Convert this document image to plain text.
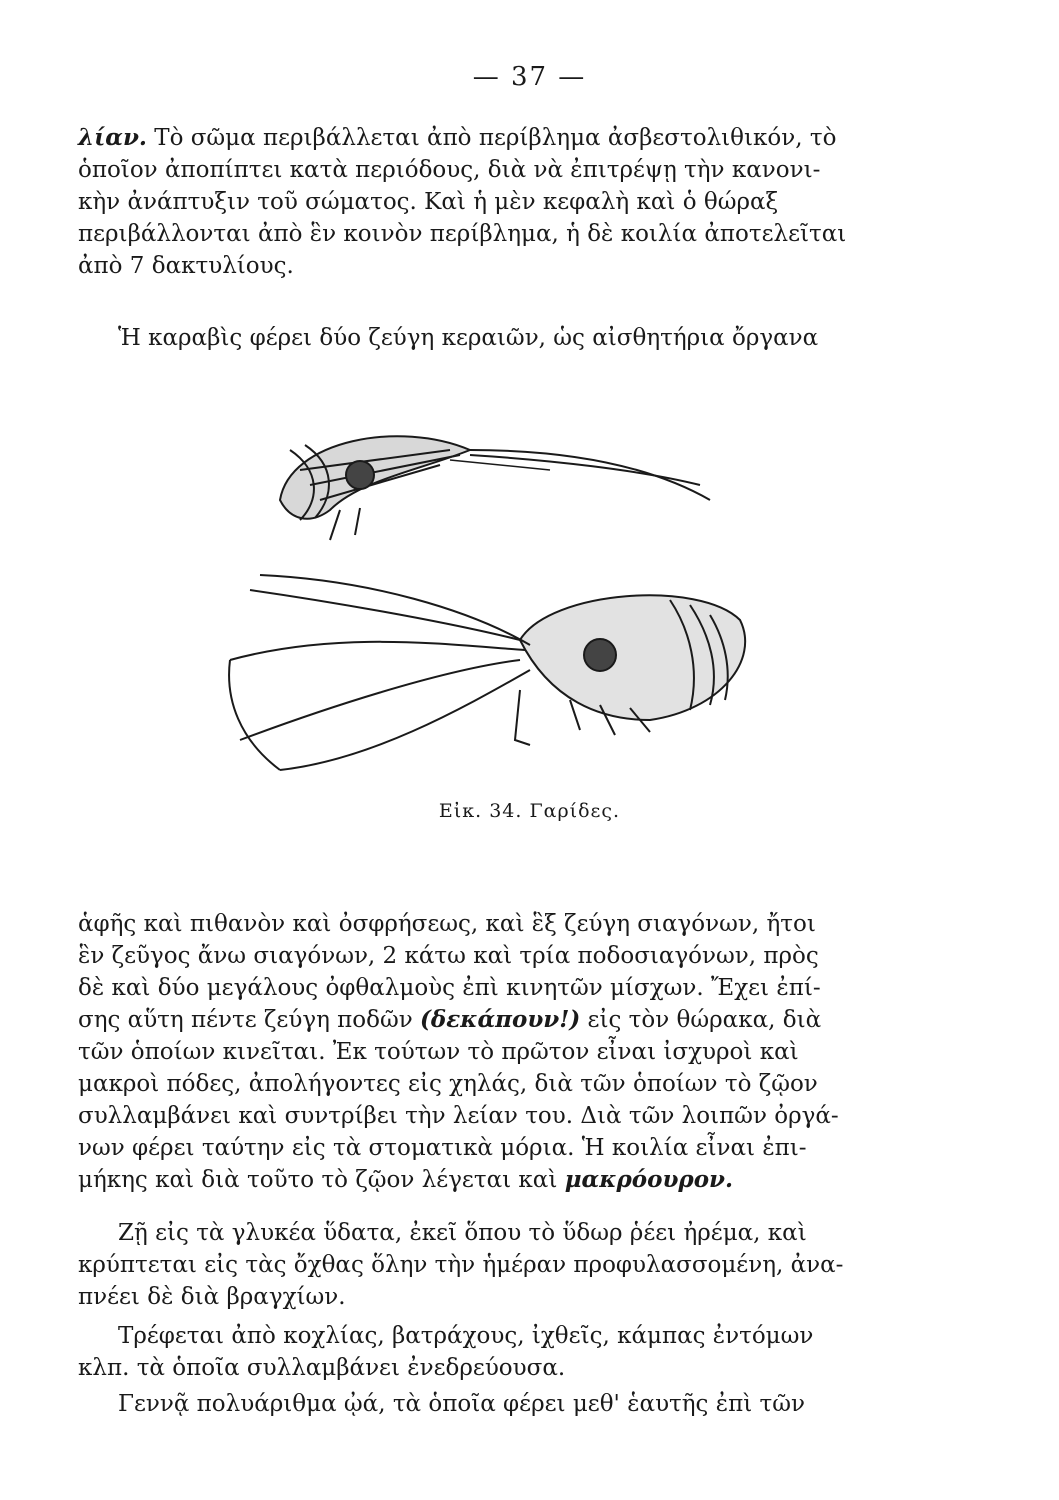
— 37 —
λίαν. Τὸ σῶμα περιβάλλεται ἀπὸ περίβλημα ἀσβεστολιθικόν, τὸ
ὁποῖον ἀποπίπτει κατὰ περιόδους, διὰ νὰ ἐπιτρέψῃ τὴν κανονι-
κὴν ἀνάπτυξιν τοῦ σώματος. Καὶ ἡ μὲν κεφαλὴ καὶ ὁ θώραξ
περιβάλλονται ἀπὸ ἓν κοινὸν περίβλημα, ἡ δὲ κοιλία ἀποτελεῖται
ἀπὸ 7 δακτυλίους.
Ἡ καραβὶς φέρει δύο ζεύγη κεραιῶν, ὡς αἰσθητήρια ὄργανα
Εἰκ. 34. Γαρίδες.
ἁφῆς καὶ πιθανὸν καὶ ὀσφρήσεως, καὶ ἓξ ζεύγη σιαγόνων, ἤτοι
ἓν ζεῦγος ἄνω σιαγόνων, 2 κάτω καὶ τρία ποδοσιαγόνων, πρὸς
δὲ καὶ δύο μεγάλους ὀφθαλμοὺς ἐπὶ κινητῶν μίσχων. Ἔχει ἐπί-
σης αὕτη πέντε ζεύγη ποδῶν (δεκάπουν!) εἰς τὸν θώρακα, διὰ
τῶν ὁποίων κινεῖται. Ἐκ τούτων τὸ πρῶτον εἶναι ἰσχυροὶ καὶ
μακροὶ πόδες, ἀπολήγοντες εἰς χηλάς, διὰ τῶν ὁποίων τὸ ζῷον
συλλαμβάνει καὶ συντρίβει τὴν λείαν του. Διὰ τῶν λοιπῶν ὀργά-
νων φέρει ταύτην εἰς τὰ στοματικὰ μόρια. Ἡ κοιλία εἶναι ἐπι-
μήκης καὶ διὰ τοῦτο τὸ ζῷον λέγεται καὶ μακρόουρον.
Ζῇ εἰς τὰ γλυκέα ὕδατα, ἐκεῖ ὅπου τὸ ὕδωρ ῥέει ἠρέμα, καὶ
κρύπτεται εἰς τὰς ὄχθας ὅλην τὴν ἡμέραν προφυλασσομένη, ἀνα-
πνέει δὲ διὰ βραγχίων.
Τρέφεται ἀπὸ κοχλίας, βατράχους, ἰχθεῖς, κάμπας ἐντόμων
κλπ. τὰ ὁποῖα συλλαμβάνει ἐνεδρεύουσα.
Γεννᾷ πολυάριθμα ᾠά, τὰ ὁποῖα φέρει μεθ' ἑαυτῆς ἐπὶ τῶν
